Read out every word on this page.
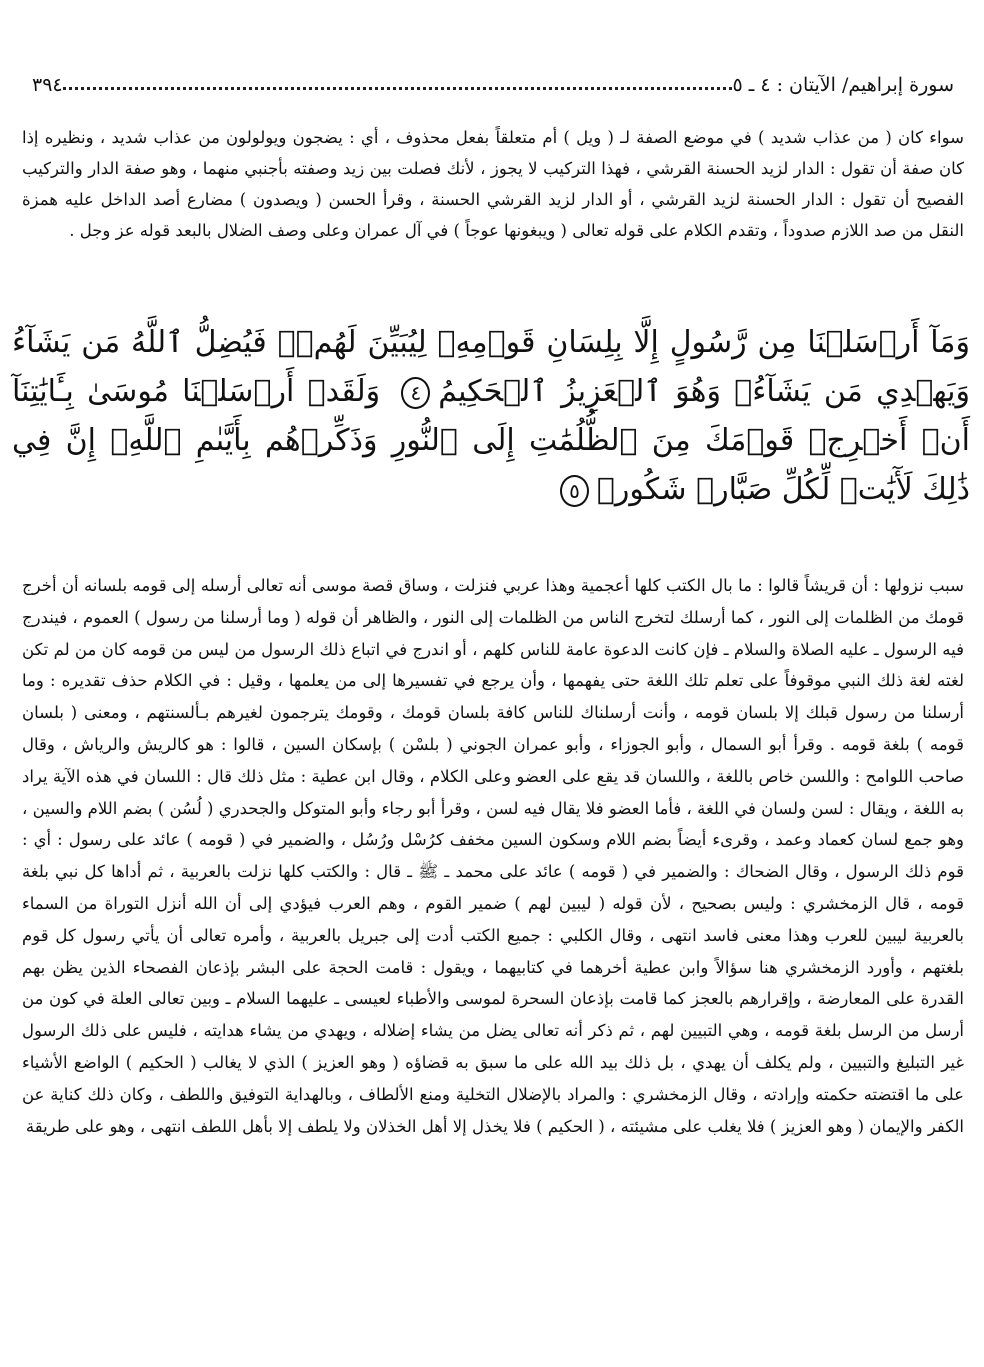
سورة إبراهيم/ الآيتان : ٤ ـ ٥
٣٩٤

سواء كان ( من عذاب شديد ) في موضع الصفة لـ ( ويل ) أم متعلقاً بفعل محذوف ، أي : يضجون ويولولون من عذاب شديد ، ونظيره إذا كان صفة أن تقول : الدار لزيد الحسنة القرشي ، فهذا التركيب لا يجوز ، لأنك فصلت بين زيد وصفته بأجنبي منهما ، وهو صفة الدار والتركيب الفصيح أن تقول : الدار الحسنة لزيد القرشي ، أو الدار لزيد القرشي الحسنة ، وقرأ الحسن ( ويصدون ) مضارع أصد الداخل عليه همزة النقل من صد اللازم صدوداً ، وتقدم الكلام على قوله تعالى ( ويبغونها عوجاً ) في آل عمران وعلى وصف الضلال بالبعد قوله عز وجل .

وَمَآ أَرۡسَلۡنَا مِن رَّسُولٍ إِلَّا بِلِسَانِ قَوۡمِهِۦ لِيُبَيِّنَ لَهُمۡۖ فَيُضِلُّ ٱللَّهُ مَن يَشَآءُ وَيَهۡدِي مَن يَشَآءُۚ وَهُوَ ٱلۡعَزِيزُ ٱلۡحَكِيمُ٤ وَلَقَدۡ أَرۡسَلۡنَا مُوسَىٰ بِـَٔايَٰتِنَآ أَنۡ أَخۡرِجۡ قَوۡمَكَ مِنَ ٱلظُّلُمَٰتِ إِلَى ٱلنُّورِ وَذَكِّرۡهُم بِأَيَّىٰمِ ٱللَّهِۚ إِنَّ فِي ذَٰلِكَ لَأٓيَٰتٖ لِّكُلِّ صَبَّارٖ شَكُورٖ٥

سبب نزولها : أن قريشاً قالوا : ما بال الكتب كلها أعجمية وهذا عربي فنزلت ، وساق قصة موسى أنه تعالى أرسله إلى قومه بلسانه أن أخرج قومك من الظلمات إلى النور ، كما أرسلك لتخرج الناس من الظلمات إلى النور ، والظاهر أن قوله ( وما أرسلنا من رسول ) العموم ، فيندرج فيه الرسول ـ عليه الصلاة والسلام ـ فإن كانت الدعوة عامة للناس كلهم ، أو اندرج في اتباع ذلك الرسول من ليس من قومه كان من لم تكن لغته لغة ذلك النبي موقوفاً على تعلم تلك اللغة حتى يفهمها ، وأن يرجع في تفسيرها إلى من يعلمها ، وقيل : في الكلام حذف تقديره : وما أرسلنا من رسول قبلك إلا بلسان قومه ، وأنت أرسلناك للناس كافة بلسان قومك ، وقومك يترجمون لغيرهم بـألسنتهم ، ومعنى ( بلسان قومه ) بلغة قومه . وقرأ أبو السمال ، وأبو الجوزاء ، وأبو عمران الجوني ( بلسْن ) بإسكان السين ، قالوا : هو كالريش والرياش ، وقال صاحب اللوامح : واللسن خاص باللغة ، واللسان قد يقع على العضو وعلى الكلام ، وقال ابن عطية : مثل ذلك قال : اللسان في هذه الآية يراد به اللغة ، ويقال : لسن ولسان في اللغة ، فأما العضو فلا يقال فيه لسن ، وقرأ أبو رجاء وأبو المتوكل والجحدري ( لُسُن ) بضم اللام والسين ، وهو جمع لسان كعماد وعمد ، وقرىء أيضاً بضم اللام وسكون السين مخفف كرُسْل ورُسُل ، والضمير في ( قومه ) عائد على رسول : أي : قوم ذلك الرسول ، وقال الضحاك : والضمير في ( قومه ) عائد على محمد ـ ﷺ ـ قال : والكتب كلها نزلت بالعربية ، ثم أداها كل نبي بلغة قومه ، قال الزمخشري : وليس بصحيح ، لأن قوله ( ليبين لهم ) ضمير القوم ، وهم العرب فيؤدي إلى أن الله أنزل التوراة من السماء بالعربية ليبين للعرب وهذا معنى فاسد انتهى ، وقال الكلبي : جميع الكتب أدت إلى جبريل بالعربية ، وأمره تعالى أن يأتي رسول كل قوم بلغتهم ، وأورد الزمخشري هنا سؤالاً وابن عطية أخرهما في كتابيهما ، ويقول : قامت الحجة على البشر بإذعان الفصحاء الذين يظن بهم القدرة على المعارضة ، وإقرارهم بالعجز كما قامت بإذعان السحرة لموسى والأطباء لعيسى ـ عليهما السلام ـ وبين تعالى العلة في كون من أرسل من الرسل بلغة قومه ، وهي التبيين لهم ، ثم ذكر أنه تعالى يضل من يشاء إضلاله ، ويهدي من يشاء هدايته ، فليس على ذلك الرسول غير التبليغ والتبيين ، ولم يكلف أن يهدي ، بل ذلك بيد الله على ما سبق به قضاؤه ( وهو العزيز ) الذي لا يغالب ( الحكيم ) الواضع الأشياء على ما اقتضته حكمته وإرادته ، وقال الزمخشري : والمراد بالإضلال التخلية ومنع الألطاف ، وبالهداية التوفيق واللطف ، وكان ذلك كناية عن الكفر والإيمان ( وهو العزيز ) فلا يغلب على مشيئته ، ( الحكيم ) فلا يخذل إلا أهل الخذلان ولا يلطف إلا بأهل اللطف انتهى ، وهو على طريقة
